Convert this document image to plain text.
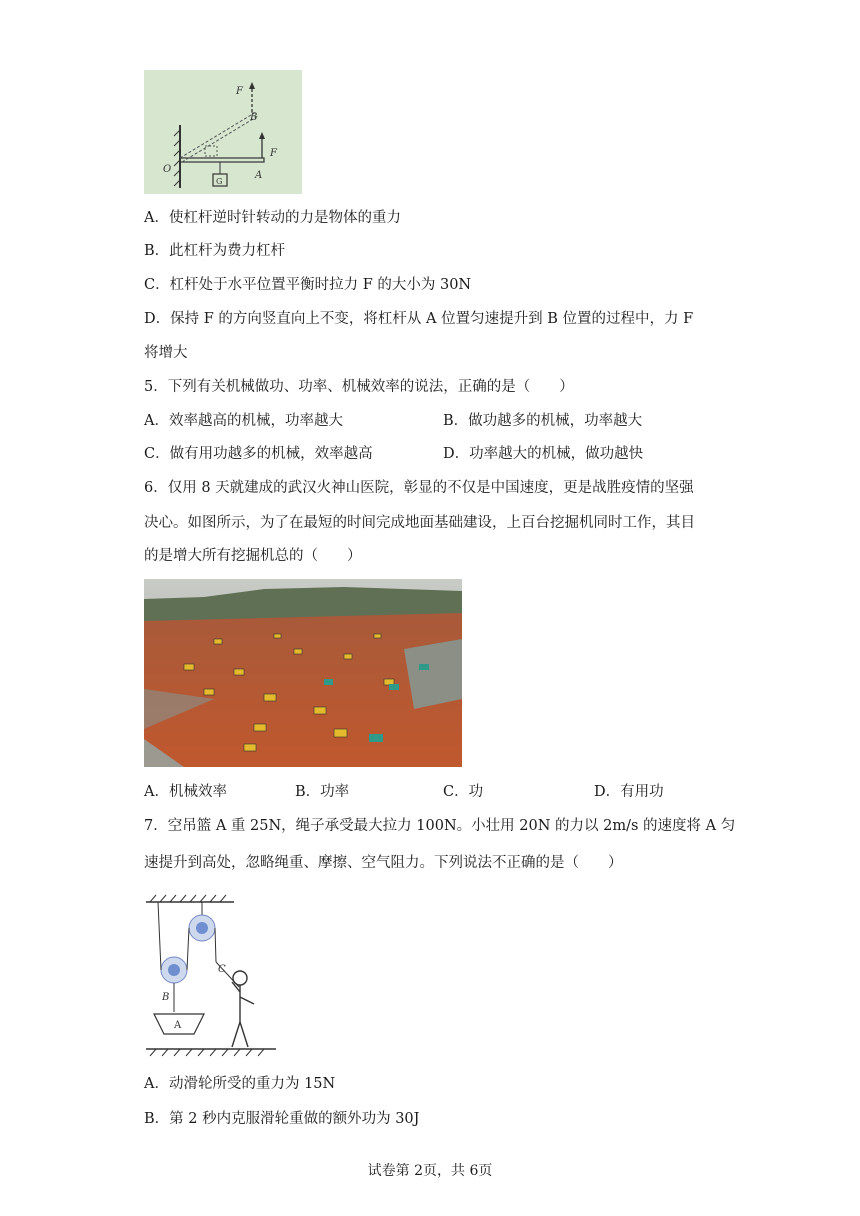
F
B
F
O
G
A
A．使杠杆逆时针转动的力是物体的重力
B．此杠杆为费力杠杆
C．杠杆处于水平位置平衡时拉力 F 的大小为 30N
D．保持 F 的方向竖直向上不变，将杠杆从 A 位置匀速提升到 B 位置的过程中，力 F
将增大
5．下列有关机械做功、功率、机械效率的说法，正确的是（　　）
A．效率越高的机械，功率越大	B．做功越多的机械，功率越大
C．做有用功越多的机械，效率越高	D．功率越大的机械，做功越快
6．仅用 8 天就建成的武汉火神山医院，彰显的不仅是中国速度，更是战胜疫情的坚强
决心。如图所示，为了在最短的时间完成地面基础建设，上百台挖掘机同时工作，其目
的是增大所有挖掘机总的（　　）
A．机械效率	B．功率	C．功	D．有用功
7．空吊篮 A 重 25N，绳子承受最大拉力 100N。小壮用 20N 的力以 2m/s 的速度将 A 匀
速提升到高处，忽略绳重、摩擦、空气阻力。下列说法不正确的是（　　）
C
B
A
A．动滑轮所受的重力为 15N
B．第 2 秒内克服滑轮重做的额外功为 30J
试卷第 2页，共 6页
